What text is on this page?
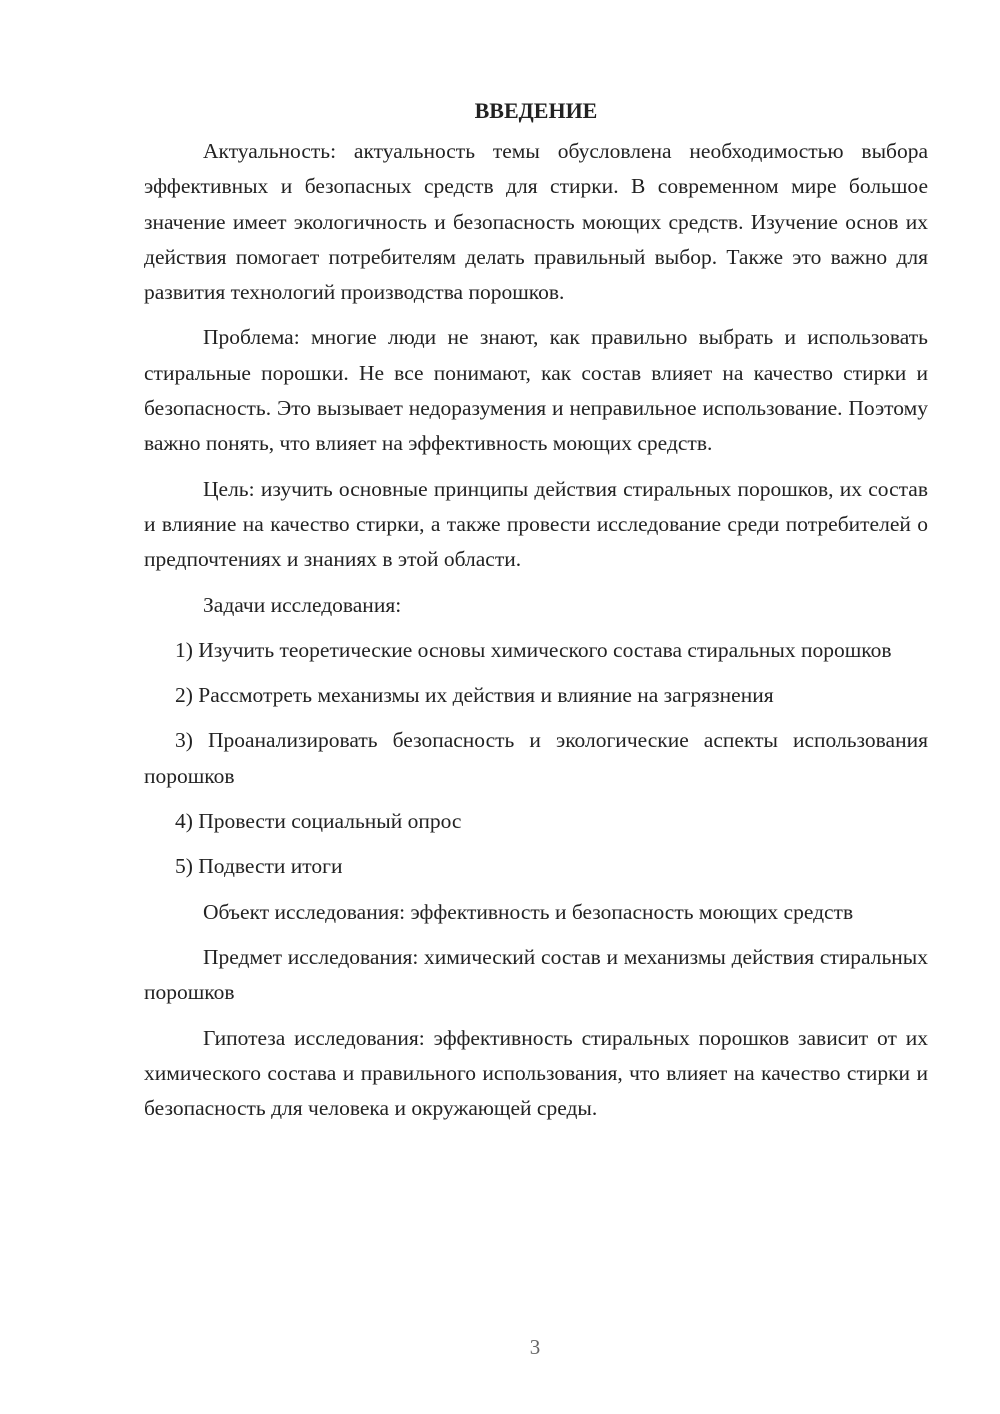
ВВЕДЕНИЕ

Актуальность: актуальность темы обусловлена необходимостью выбора эффективных и безопасных средств для стирки. В современном мире большое значение имеет экологичность и безопасность моющих средств. Изучение основ их действия помогает потребителям делать правильный выбор. Также это важно для развития технологий производства порошков.

Проблема: многие люди не знают, как правильно выбрать и использовать стиральные порошки. Не все понимают, как состав влияет на качество стирки и безопасность. Это вызывает недоразумения и неправильное использование. Поэтому важно понять, что влияет на эффективность моющих средств.

Цель: изучить основные принципы действия стиральных порошков, их состав и влияние на качество стирки, а также провести исследование среди потребителей о предпочтениях и знаниях в этой области.

Задачи исследования:

1) Изучить теоретические основы химического состава стиральных порошков

2) Рассмотреть механизмы их действия и влияние на загрязнения

3) Проанализировать безопасность и экологические аспекты использования порошков

4) Провести социальный опрос

5) Подвести итоги

Объект исследования: эффективность и безопасность моющих средств

Предмет исследования: химический состав и механизмы действия стиральных порошков

Гипотеза исследования: эффективность стиральных порошков зависит от их химического состава и правильного использования, что влияет на качество стирки и безопасность для человека и окружающей среды.

3
